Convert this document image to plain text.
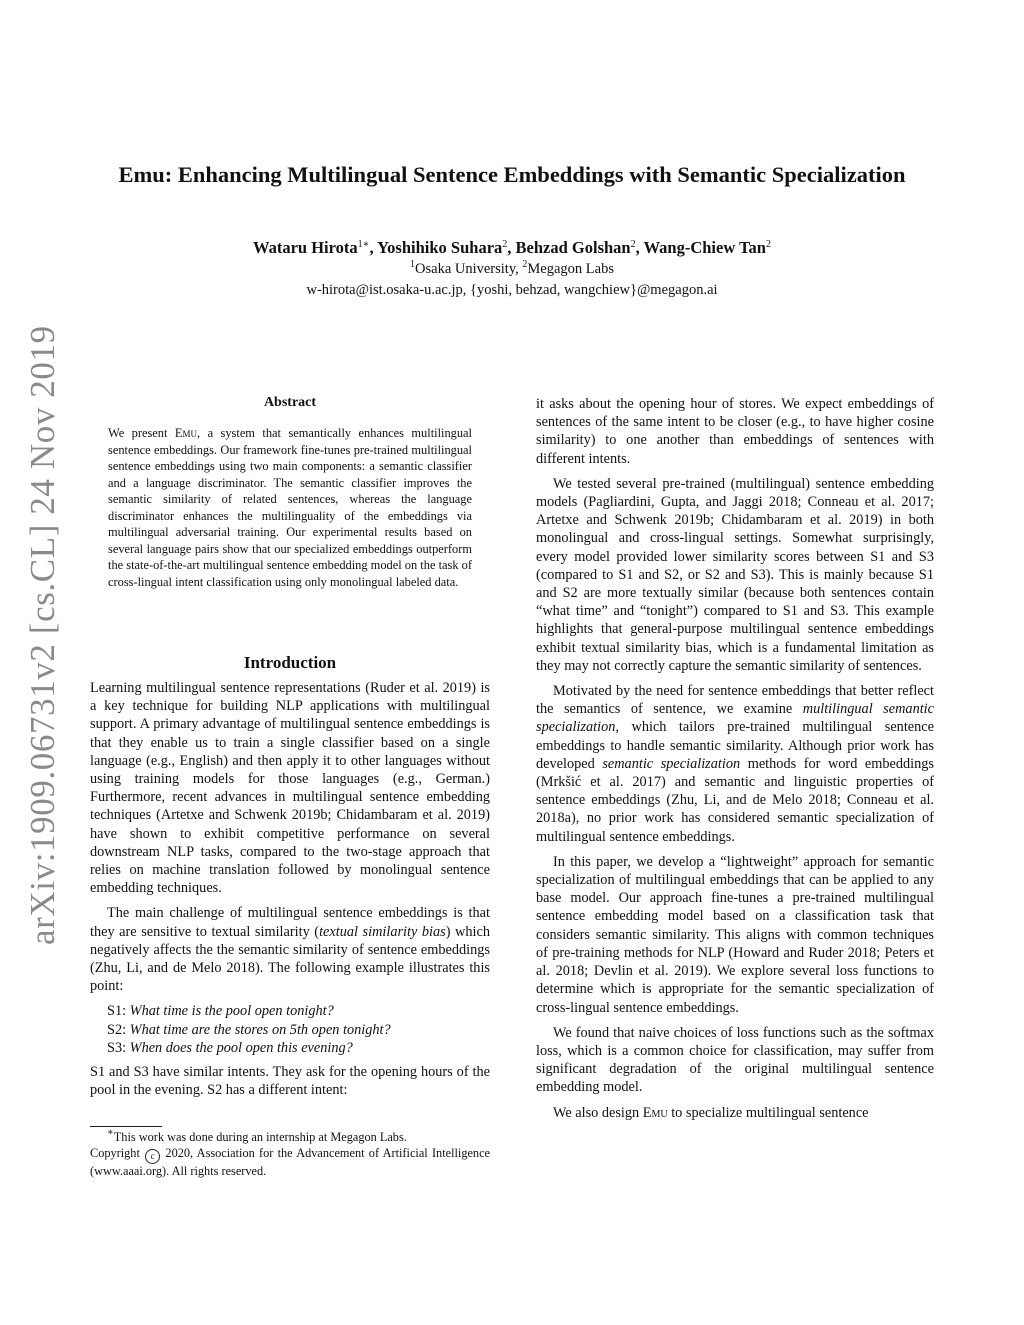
arXiv:1909.06731v2 [cs.CL] 24 Nov 2019
Emu: Enhancing Multilingual Sentence Embeddings with Semantic Specialization
Wataru Hirota$^{1∗}$, Yoshihiko Suhara$^2$, Behzad Golshan$^2$, Wang-Chiew Tan$^2$
$^1$Osaka University, $^2$Megagon Labs
w-hirota@ist.osaka-u.ac.jp, {yoshi, behzad, wangchiew}@megagon.ai
Abstract

We present Emu, a system that semantically enhances multilingual sentence embeddings. Our framework fine-tunes pre-trained multilingual sentence embeddings using two main components: a semantic classifier and a language discriminator. The semantic classifier improves the semantic similarity of related sentences, whereas the language discriminator enhances the multilinguality of the embeddings via multilingual adversarial training. Our experimental results based on several language pairs show that our specialized embeddings outperform the state-of-the-art multilingual sentence embedding model on the task of cross-lingual intent classification using only monolingual labeled data.

Introduction

Learning multilingual sentence representations (Ruder et al. 2019) is a key technique for building NLP applications with multilingual support. A primary advantage of multilingual sentence embeddings is that they enable us to train a single classifier based on a single language (e.g., English) and then apply it to other languages without using training models for those languages (e.g., German.) Furthermore, recent advances in multilingual sentence embedding techniques (Artetxe and Schwenk 2019b; Chidambaram et al. 2019) have shown to exhibit competitive performance on several downstream NLP tasks, compared to the two-stage approach that relies on machine translation followed by monolingual sentence embedding techniques.

The main challenge of multilingual sentence embeddings is that they are sensitive to textual similarity (textual similarity bias) which negatively affects the the semantic similarity of sentence embeddings (Zhu, Li, and de Melo 2018). The following example illustrates this point:

S1: What time is the pool open tonight?
S2: What time are the stores on 5th open tonight?
S3: When does the pool open this evening?

S1 and S3 have similar intents. They ask for the opening hours of the pool in the evening. S2 has a different intent:

∗This work was done during an internship at Megagon Labs.

Copyright c 2020, Association for the Advancement of Artificial Intelligence (www.aaai.org). All rights reserved.

it asks about the opening hour of stores. We expect embeddings of sentences of the same intent to be closer (e.g., to have higher cosine similarity) to one another than embeddings of sentences with different intents.

We tested several pre-trained (multilingual) sentence embedding models (Pagliardini, Gupta, and Jaggi 2018; Conneau et al. 2017; Artetxe and Schwenk 2019b; Chidambaram et al. 2019) in both monolingual and cross-lingual settings. Somewhat surprisingly, every model provided lower similarity scores between S1 and S3 (compared to S1 and S2, or S2 and S3). This is mainly because S1 and S2 are more textually similar (because both sentences contain “what time” and “tonight”) compared to S1 and S3. This example highlights that general-purpose multilingual sentence embeddings exhibit textual similarity bias, which is a fundamental limitation as they may not correctly capture the semantic similarity of sentences.

Motivated by the need for sentence embeddings that better reflect the semantics of sentence, we examine multilingual semantic specialization, which tailors pre-trained multilingual sentence embeddings to handle semantic similarity. Although prior work has developed semantic specialization methods for word embeddings (Mrkšić et al. 2017) and semantic and linguistic properties of sentence embeddings (Zhu, Li, and de Melo 2018; Conneau et al. 2018a), no prior work has considered semantic specialization of multilingual sentence embeddings.

In this paper, we develop a “lightweight” approach for semantic specialization of multilingual embeddings that can be applied to any base model. Our approach fine-tunes a pre-trained multilingual sentence embedding model based on a classification task that considers semantic similarity. This aligns with common techniques of pre-training methods for NLP (Howard and Ruder 2018; Peters et al. 2018; Devlin et al. 2019). We explore several loss functions to determine which is appropriate for the semantic specialization of cross-lingual sentence embeddings.

We found that naive choices of loss functions such as the softmax loss, which is a common choice for classification, may suffer from significant degradation of the original multilingual sentence embedding model.

We also design Emu to specialize multilingual sentence
